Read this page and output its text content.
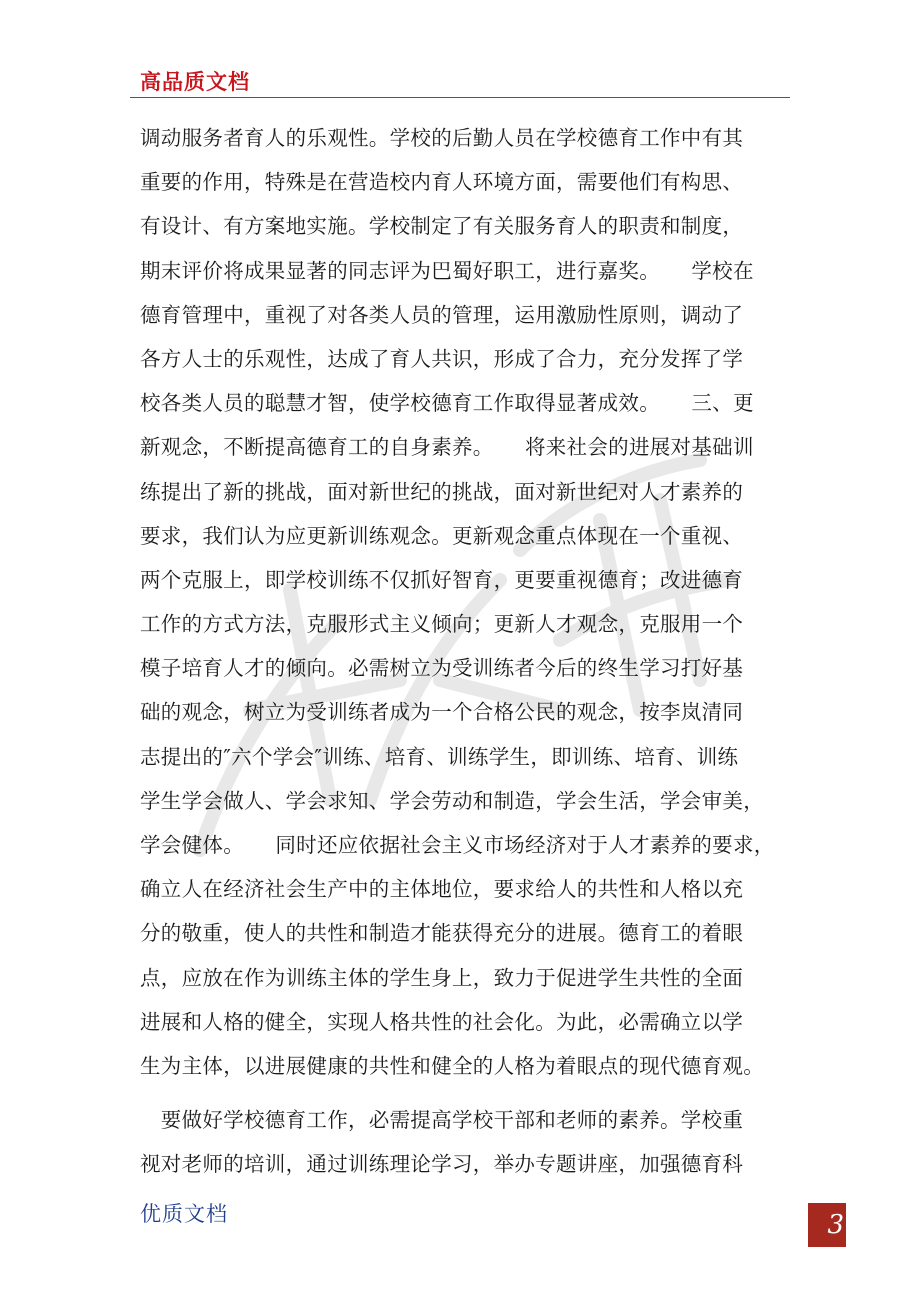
高品质文档
调动服务者育人的乐观性。学校的后勤人员在学校德育工作中有其
重要的作用，特殊是在营造校内育人环境方面，需要他们有构思、
有设计、有方案地实施。学校制定了有关服务育人的职责和制度，
期末评价将成果显著的同志评为巴蜀好职工，进行嘉奖。　　学校在
德育管理中，重视了对各类人员的管理，运用激励性原则，调动了
各方人士的乐观性，达成了育人共识，形成了合力，充分发挥了学
校各类人员的聪慧才智，使学校德育工作取得显著成效。　　三、更
新观念，不断提高德育工的自身素养。　　将来社会的进展对基础训
练提出了新的挑战，面对新世纪的挑战，面对新世纪对人才素养的
要求，我们认为应更新训练观念。更新观念重点体现在一个重视、
两个克服上，即学校训练不仅抓好智育，更要重视德育；改进德育
工作的方式方法，克服形式主义倾向；更新人才观念，克服用一个
模子培育人才的倾向。必需树立为受训练者今后的终生学习打好基
础的观念，树立为受训练者成为一个合格公民的观念，按李岚清同
志提出的″六个学会″训练、培育、训练学生，即训练、培育、训练
学生学会做人、学会求知、学会劳动和制造，学会生活，学会审美，
学会健体。　　同时还应依据社会主义市场经济对于人才素养的要求，
确立人在经济社会生产中的主体地位，要求给人的共性和人格以充
分的敬重，使人的共性和制造才能获得充分的进展。德育工的着眼
点，应放在作为训练主体的学生身上，致力于促进学生共性的全面
进展和人格的健全，实现人格共性的社会化。为此，必需确立以学
生为主体，以进展健康的共性和健全的人格为着眼点的现代德育观。
　要做好学校德育工作，必需提高学校干部和老师的素养。学校重
视对老师的培训，通过训练理论学习，举办专题讲座，加强德育科
优质文档	3
